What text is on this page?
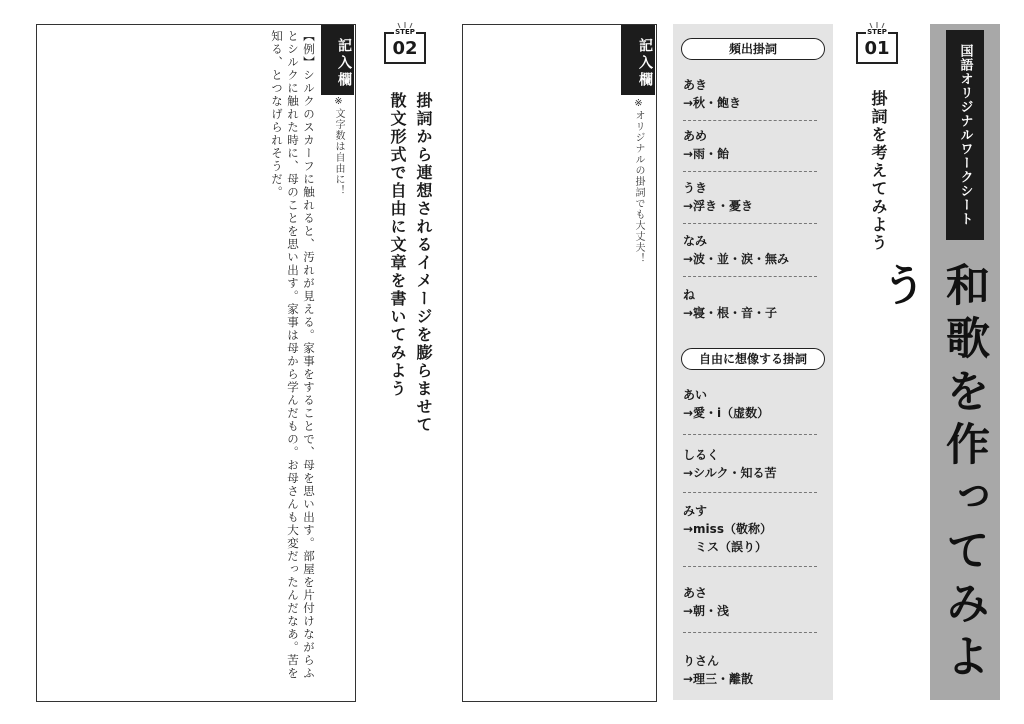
国語オリジナルワークシート
和歌を作ってみよう
STEP
01
掛詞を考えてみよう
頻出掛詞
あき
→秋・飽き
あめ
→雨・飴
うき
→浮き・憂き
なみ
→波・並・涙・無み
ね
→寝・根・音・子
自由に想像する掛詞
あい
→愛・i（虚数）
しるく
→シルク・知る苦
みす
→miss（敬称）
　ミス（誤り）
あさ
→朝・浅
りさん
→理三・離散
記入欄
※オリジナルの掛詞でも大丈夫！
STEP
02
掛詞から連想されるイメージを膨らませて
散文形式で自由に文章を書いてみよう
記入欄
※文字数は自由に！
【例】シルクのスカーフに触れると、汚れが見える。家事をすることで、母を思い出す。部屋を片付けながらふとシルクに触れた時に、母のことを思い出す。家事は母から学んだもの。お母さんも大変だったんだなあ。苦を知る、とつなげられそうだ。
